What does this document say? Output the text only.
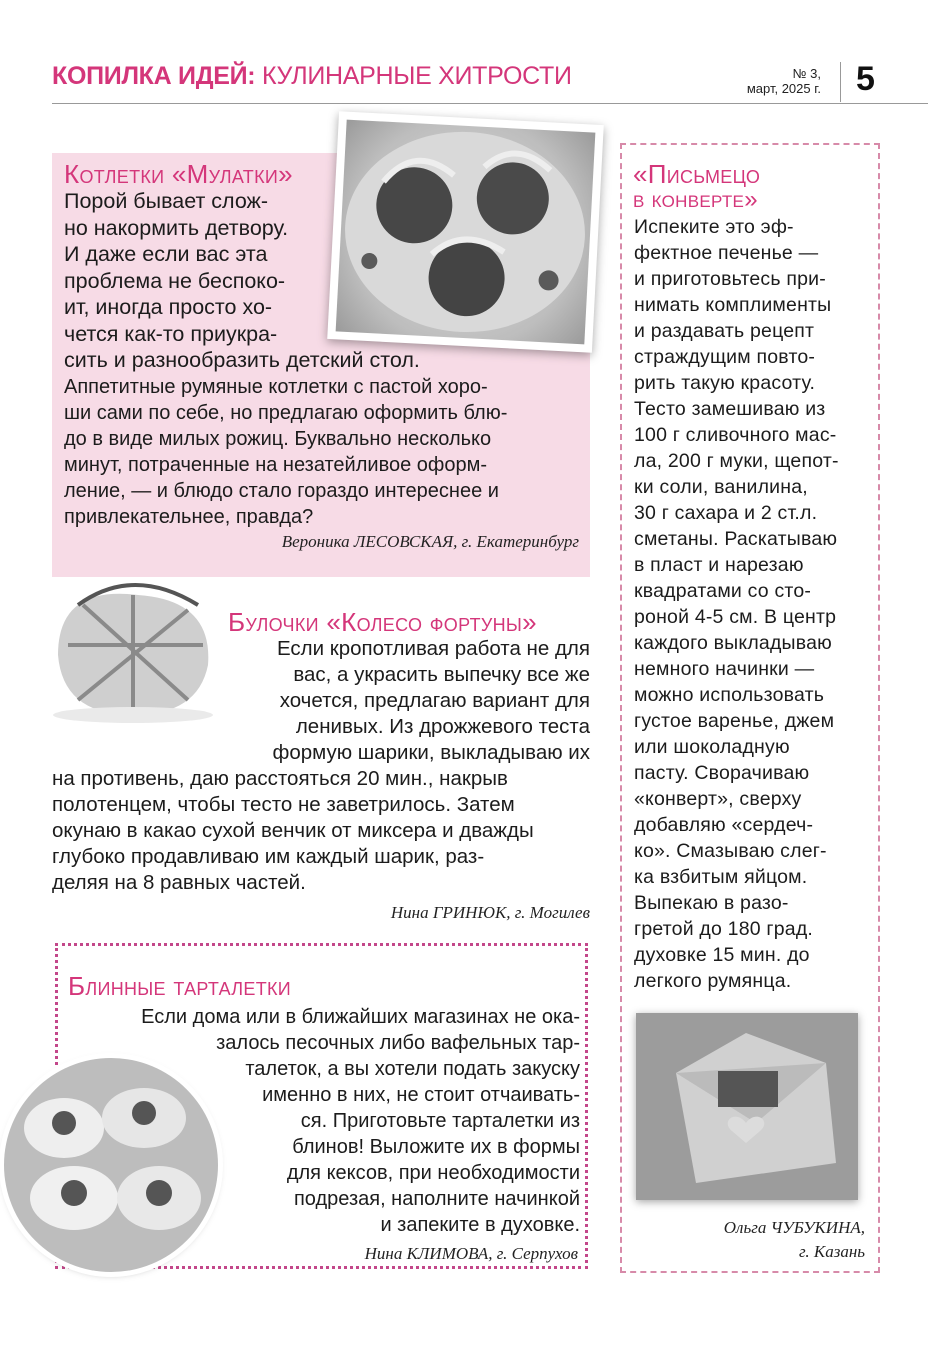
КОПИЛКА ИДЕЙ: КУЛИНАРНЫЕ ХИТРОСТИ	№ 3,
март, 2025 г. 5
Котлетки «Мулатки»
Порой бывает слож-
но накормить детвору.
И даже если вас эта
проблема не беспоко-
ит, иногда просто хо-
чется как-то приукра-
сить и разнообразить детский стол.
Аппетитные румяные котлетки с пастой хоро-
ши сами по себе, но предлагаю оформить блю-
до в виде милых рожиц. Буквально несколько
минут, потраченные на незатейливое оформ-
ление, — и блюдо стало гораздо интереснее и
привлекательнее, правда?
Вероника ЛЕСОВСКАЯ, г. Екатеринбург
«Письмецо
в конверте»
Испеките это эф-
фектное печенье —
и приготовьтесь при-
нимать комплименты
и раздавать рецепт
страждущим повто-
рить такую красоту.
Тесто замешиваю из
100 г сливочного мас-
ла, 200 г муки, щепот-
ки соли, ванилина,
30 г сахара и 2 ст.л.
сметаны. Раскатываю
в пласт и нарезаю
квадратами со сто-
роной 4-5 см. В центр
каждого выкладываю
немного начинки —
можно использовать
густое варенье, джем
или шоколадную
пасту. Сворачиваю
«конверт», сверху
добавляю «сердеч-
ко». Смазываю слег-
ка взбитым яйцом.
Выпекаю в разо-
гретой до 180 град.
духовке 15 мин. до
легкого румянца.
Ольга ЧУБУКИНА,
г. Казань
Булочки «Колесо фортуны»
Если кропотливая работа не для
вас, а украсить выпечку все же
хочется, предлагаю вариант для
ленивых. Из дрожжевого теста
формую шарики, выкладываю их
на противень, даю расстояться 20 мин., накрыв
полотенцем, чтобы тесто не заветрилось. Затем
окунаю в какао сухой венчик от миксера и дважды
глубоко продавливаю им каждый шарик, раз-
деляя на 8 равных частей.
Нина ГРИНЮК, г. Могилев
Блинные тарталетки
Если дома или в ближайших магазинах не ока-
залось песочных либо вафельных тар-
талеток, а вы хотели подать закуску
именно в них, не стоит отчаивать-
ся. Приготовьте тарталетки из
блинов! Выложите их в формы
для кексов, при необходимости
подрезая, наполните начинкой
и запеките в духовке.
Нина КЛИМОВА, г. Серпухов
